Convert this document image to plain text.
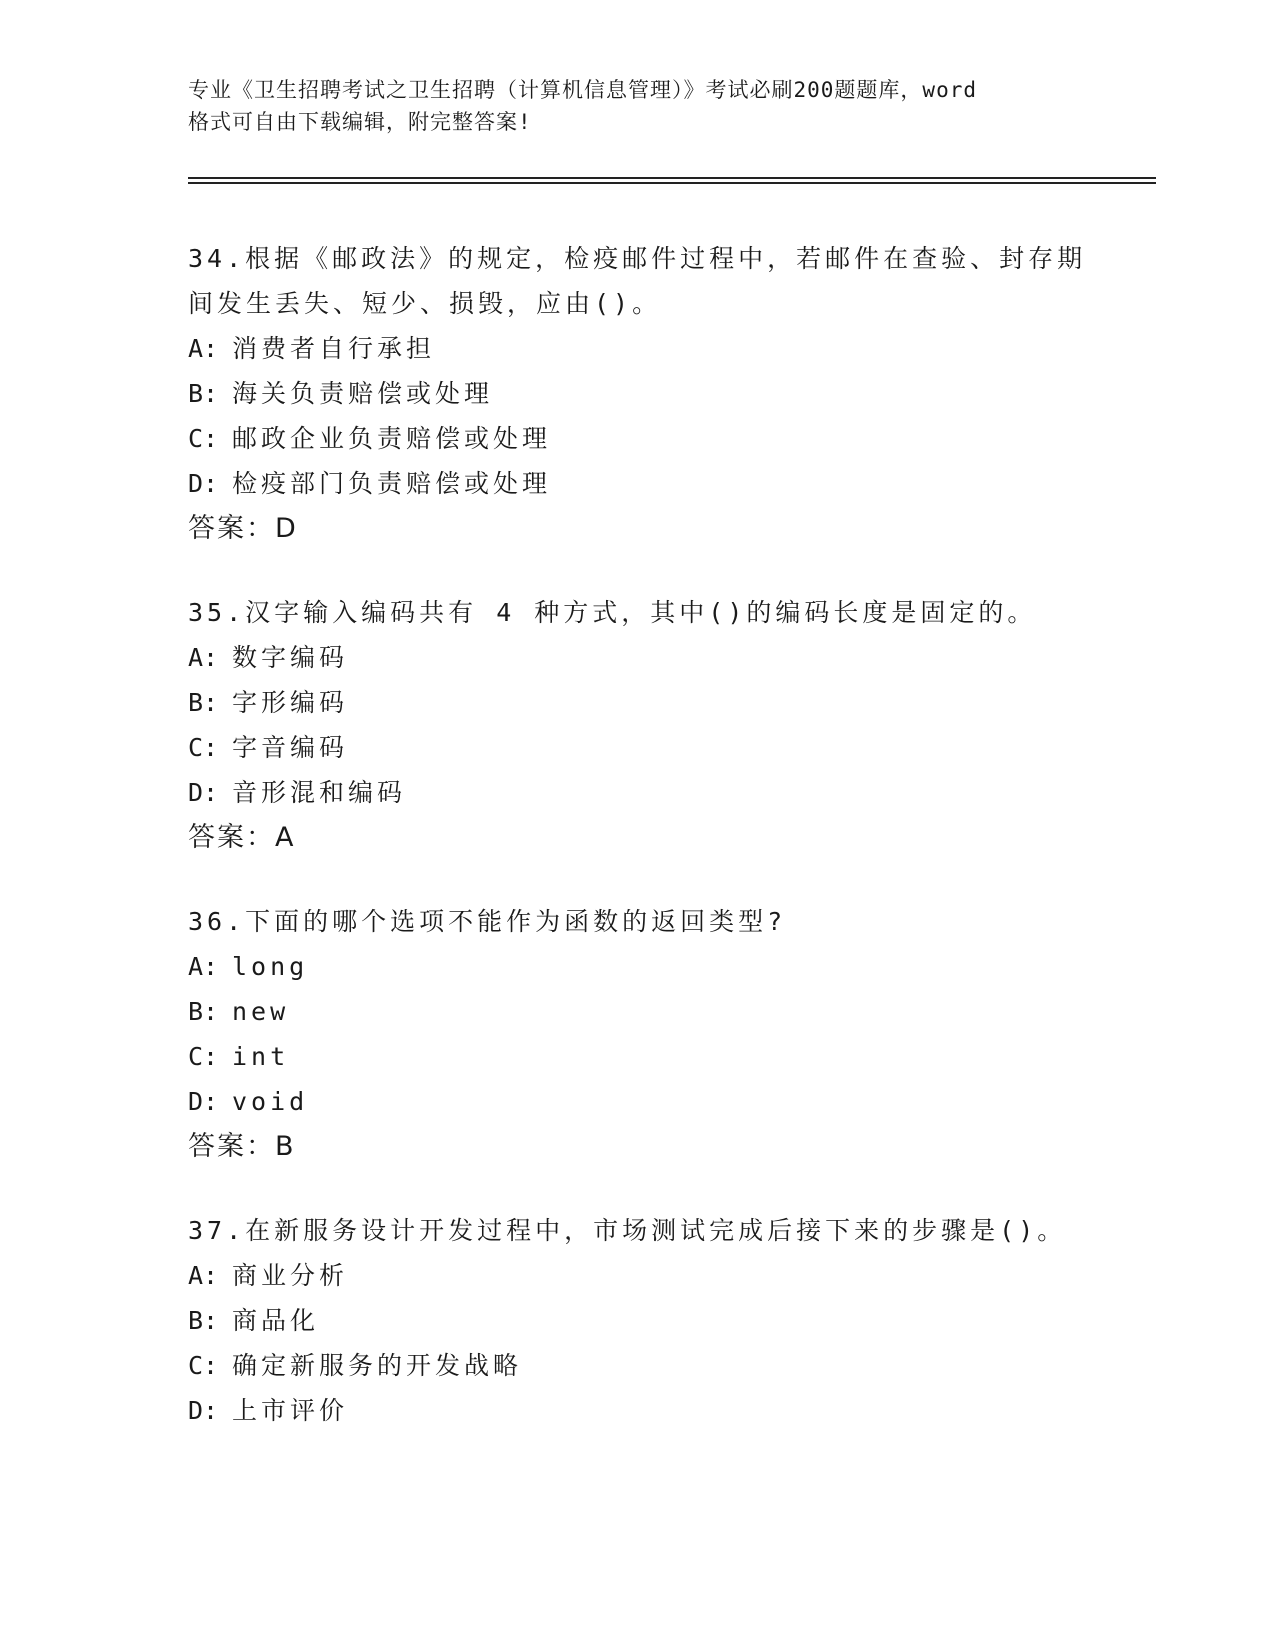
专业《卫生招聘考试之卫生招聘（计算机信息管理）》考试必刷200题题库，word
格式可自由下载编辑，附完整答案!
34.根据《邮政法》的规定，检疫邮件过程中，若邮件在查验、封存期
间发生丢失、短少、损毁，应由()。
A: 消费者自行承担
B: 海关负责赔偿或处理
C: 邮政企业负责赔偿或处理
D: 检疫部门负责赔偿或处理
答案：D
35.汉字输入编码共有 4 种方式，其中()的编码长度是固定的。
A: 数字编码
B: 字形编码
C: 字音编码
D: 音形混和编码
答案：A
36.下面的哪个选项不能作为函数的返回类型?
A: long
B: new
C: int
D: void
答案：B
37.在新服务设计开发过程中，市场测试完成后接下来的步骤是()。
A: 商业分析
B: 商品化
C: 确定新服务的开发战略
D: 上市评价
